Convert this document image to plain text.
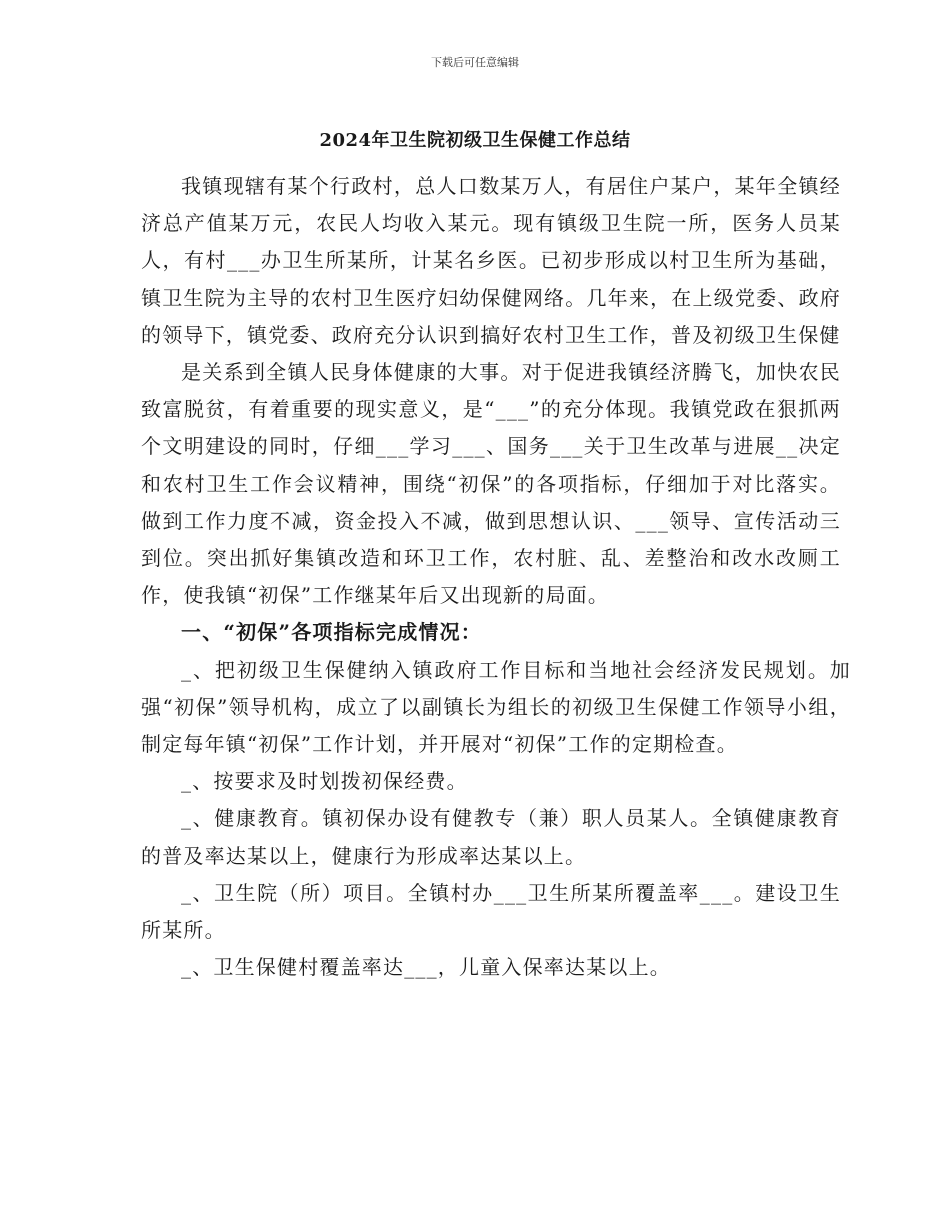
下载后可任意编辑
2024年卫生院初级卫生保健工作总结

我镇现辖有某个行政村，总人口数某万人，有居住户某户，某年全镇经济总产值某万元，农民人均收入某元。现有镇级卫生院一所，医务人员某人，有村___办卫生所某所，计某名乡医。已初步形成以村卫生所为基础，镇卫生院为主导的农村卫生医疗妇幼保健网络。几年来，在上级党委、政府的领导下，镇党委、政府充分认识到搞好农村卫生工作，普及初级卫生保健

是关系到全镇人民身体健康的大事。对于促进我镇经济腾飞，加快农民致富脱贫，有着重要的现实意义，是“___”的充分体现。我镇党政在狠抓两个文明建设的同时，仔细___学习___、国务___关于卫生改革与进展__决定和农村卫生工作会议精神，围绕“初保”的各项指标，仔细加于对比落实。做到工作力度不减，资金投入不减，做到思想认识、___领导、宣传活动三到位。突出抓好集镇改造和环卫工作，农村脏、乱、差整治和改水改厕工作，使我镇“初保”工作继某年后又出现新的局面。

一、“初保”各项指标完成情况：

_、把初级卫生保健纳入镇政府工作目标和当地社会经济发民规划。加强“初保”领导机构，成立了以副镇长为组长的初级卫生保健工作领导小组，制定每年镇“初保”工作计划，并开展对“初保”工作的定期检查。

_、按要求及时划拨初保经费。

_、健康教育。镇初保办设有健教专（兼）职人员某人。全镇健康教育的普及率达某以上，健康行为形成率达某以上。

_、卫生院（所）项目。全镇村办___卫生所某所覆盖率___。建设卫生所某所。

_、卫生保健村覆盖率达___，儿童入保率达某以上。
